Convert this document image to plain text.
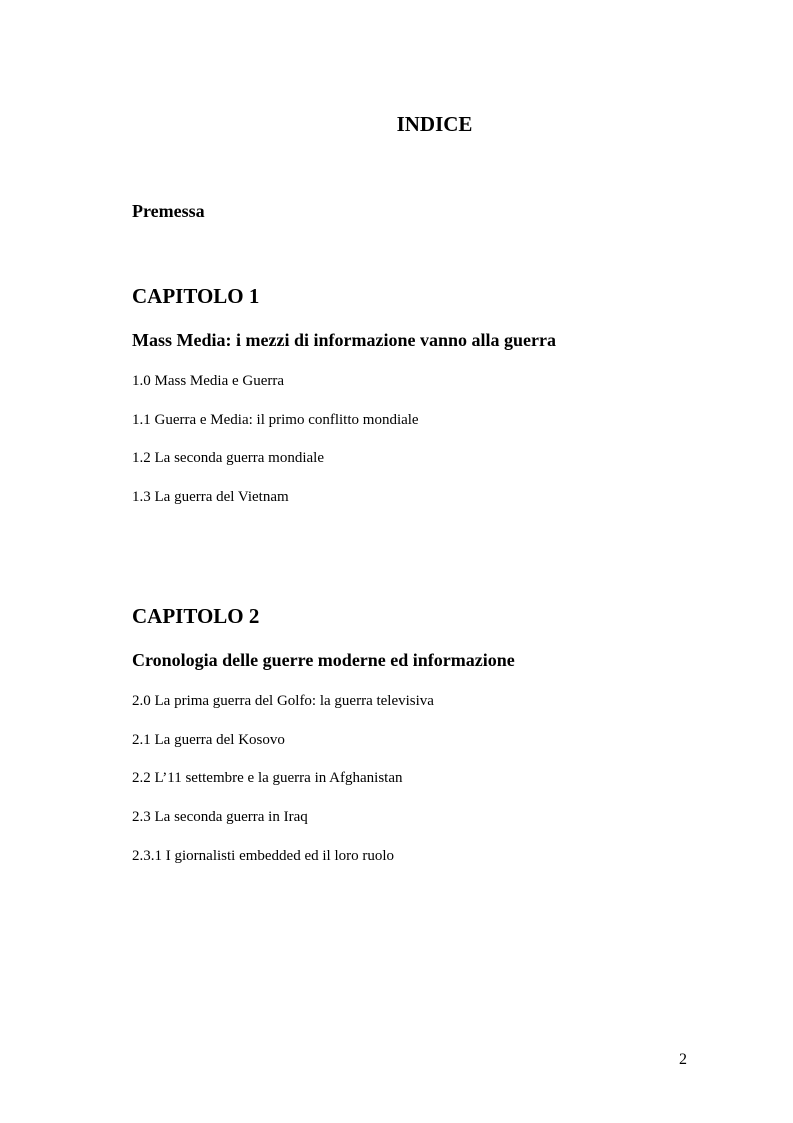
INDICE

Premessa

CAPITOLO 1

Mass Media: i mezzi di informazione vanno alla guerra

1.0 Mass Media e Guerra

1.1 Guerra e Media: il primo conflitto mondiale

1.2 La seconda guerra mondiale

1.3 La guerra del Vietnam

CAPITOLO 2

Cronologia delle guerre moderne ed informazione

2.0 La prima guerra del Golfo: la guerra televisiva

2.1 La guerra del Kosovo

2.2 L’11 settembre e la guerra in Afghanistan

2.3 La seconda guerra in Iraq

2.3.1 I giornalisti embedded ed il loro ruolo

2
